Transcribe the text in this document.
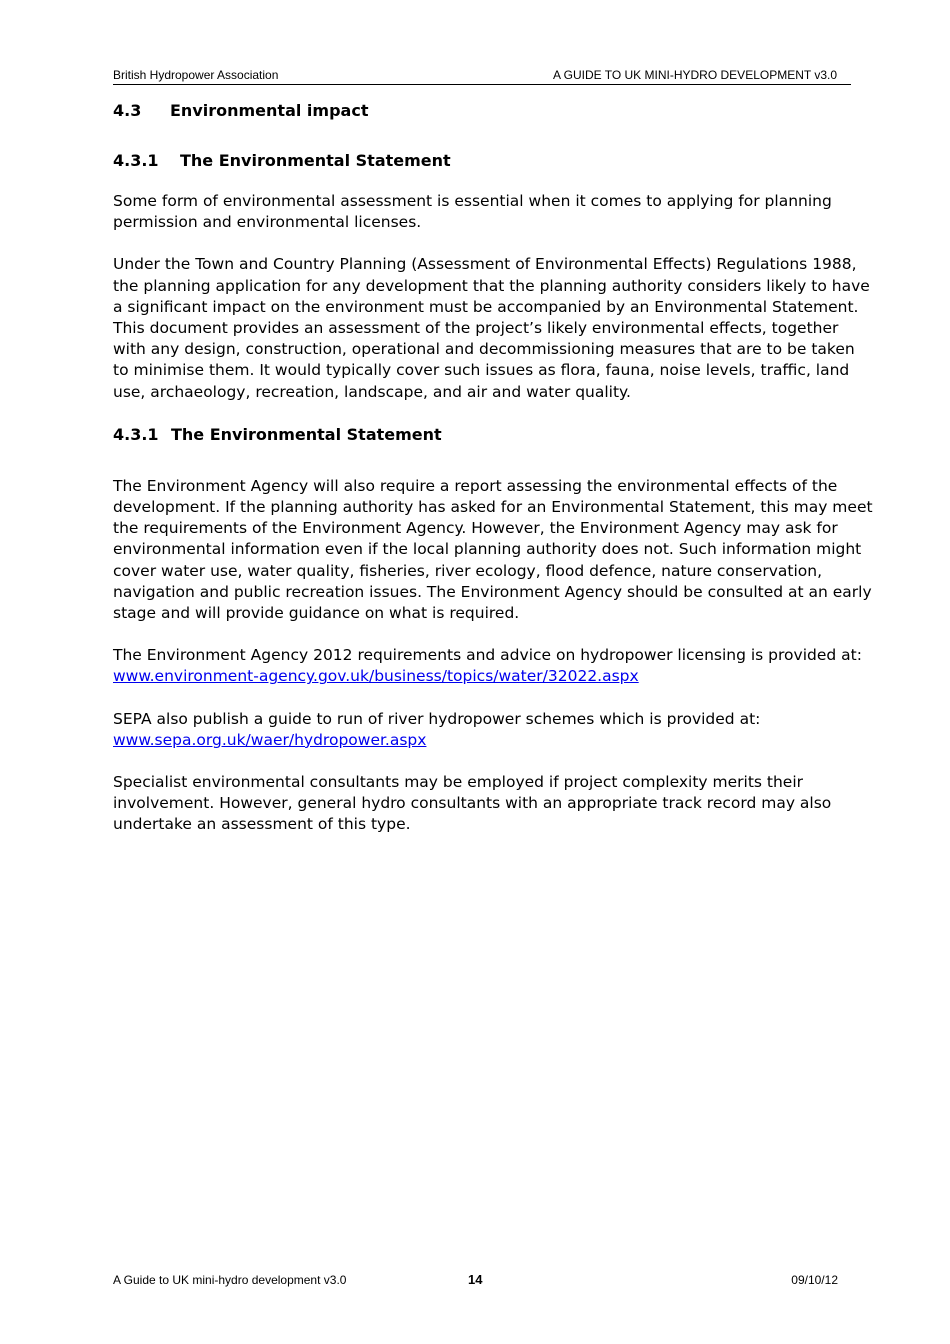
British Hydropower Association	A GUIDE TO UK MINI-HYDRO DEVELOPMENT v3.0
4.3 Environmental impact
4.3.1 The Environmental Statement

Some form of environmental assessment is essential when it comes to applying for planning permission and environmental licenses.

Under the Town and Country Planning (Assessment of Environmental Effects) Regulations 1988, the planning application for any development that the planning authority considers likely to have a significant impact on the environment must be accompanied by an Environmental Statement. This document provides an assessment of the project’s likely environmental effects, together with any design, construction, operational and decommissioning measures that are to be taken to minimise them. It would typically cover such issues as flora, fauna, noise levels, traffic, land use, archaeology, recreation, landscape, and air and water quality.

4.3.1 The Environmental Statement

The Environment Agency will also require a report assessing the environmental effects of the development. If the planning authority has asked for an Environmental Statement, this may meet the requirements of the Environment Agency. However, the Environment Agency may ask for environmental information even if the local planning authority does not. Such information might cover water use, water quality, fisheries, river ecology, flood defence, nature conservation, navigation and public recreation issues. The Environment Agency should be consulted at an early stage and will provide guidance on what is required.

The Environment Agency 2012 requirements and advice on hydropower licensing is provided at: www.environment-agency.gov.uk/business/topics/water/32022.aspx

SEPA also publish a guide to run of river hydropower schemes which is provided at:
www.sepa.org.uk/waer/hydropower.aspx

Specialist environmental consultants may be employed if project complexity merits their involvement. However, general hydro consultants with an appropriate track record may also undertake an assessment of this type.

A Guide to UK mini-hydro development v3.0	14	09/10/12
